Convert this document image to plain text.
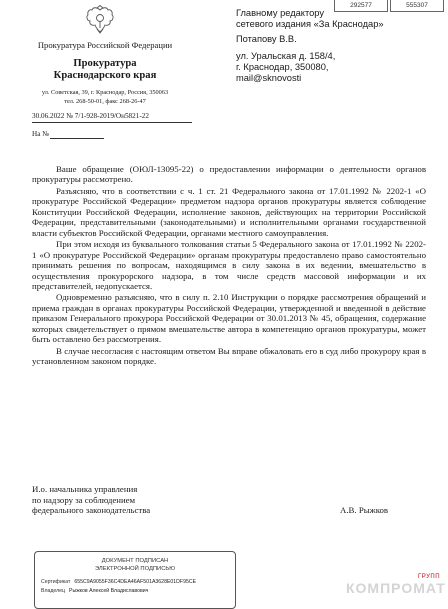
292577	555307
Прокуратура Российской Федерации
Прокуратура
Краснодарского края
ул. Советская, 39, г. Краснодар, Россия, 350063
тел. 268-50-01, факс 268-26-47
30.06.2022 № 7/1-928-2019/Он5821-22
На №
Главному редактору
сетевого издания «За Краснодар»
Потапову В.В.
ул. Уральская д. 158/4,
г. Краснодар, 350080,
mail@sknovosti

Ваше обращение (ОЮЛ-13095-22) о предоставлении информации о деятельности органов прокуратуры рассмотрено.

Разъясняю, что в соответствии с ч. 1 ст. 21 Федерального закона от 17.01.1992 № 2202-1 «О прокуратуре Российской Федерации» предметом надзора органов прокуратуры является соблюдение Конституции Российской Федерации, исполнение законов, действующих на территории Российской Федерации, представительными (законодательными) и исполнительными органами государственной власти субъектов Российской Федерации, органами местного самоуправления.

При этом исходя из буквального толкования статьи 5 Федерального закона от 17.01.1992 № 2202-1 «О прокуратуре Российской Федерации» органам прокуратуры предоставлено право самостоятельно принимать решения по вопросам, находящимся в силу закона в их ведении, вмешательство в осуществления прокурорского надзора, в том числе средств массовой информации и их представителей, недопускается.

Одновременно разъясняю, что в силу п. 2.10 Инструкции о порядке рассмотрения обращений и приема граждан в органах прокуратуры Российской Федерации, утвержденной и введенной в действие приказом Генерального прокурора Российской Федерации от 30.01.2013 № 45, обращения, содержание которых свидетельствует о прямом вмешательстве автора в компетенцию органов прокуратуры, может быть оставлено без рассмотрения.

В случае несогласия с настоящим ответом Вы вправе обжаловать его в суд либо прокурору края в установленном законом порядке.

И.о. начальника управления
по надзору за соблюдением
федерального законодательства	А.В. Рыжков
ДОКУМЕНТ ПОДПИСАН
ЭЛЕКТРОННОЙ ПОДПИСЬЮ
Сертификат 655C9A9055F36C4DEA46AF501A3628E01DF95CE
Владелец Рыжков Алексей Владиславович	КОМПРОМАТ
ГРУПП
